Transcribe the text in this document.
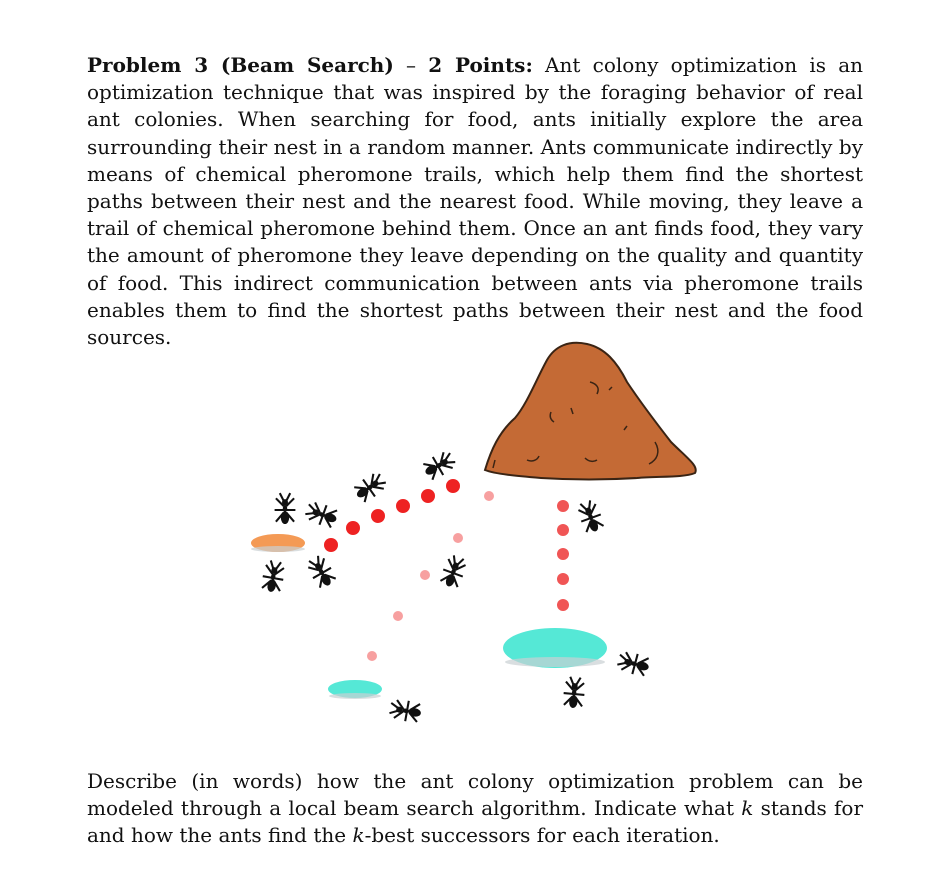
Problem 3 (Beam Search) – 2 Points: Ant colony optimization is an optimization technique that was inspired by the foraging behavior of real ant colonies. When searching for food, ants initially explore the area surrounding their nest in a random manner. Ants communicate indirectly by means of chemical pheromone trails, which help them find the shortest paths between their nest and the nearest food. While moving, they leave a trail of chemical pheromone behind them. Once an ant finds food, they vary the amount of pheromone they leave depending on the quality and quantity of food. This indirect communication between ants via pheromone trails enables them to find the shortest paths between their nest and the food sources.
Describe (in words) how the ant colony optimization problem can be modeled through a local beam search algorithm. Indicate what k stands for and how the ants find the k-best successors for each iteration.
